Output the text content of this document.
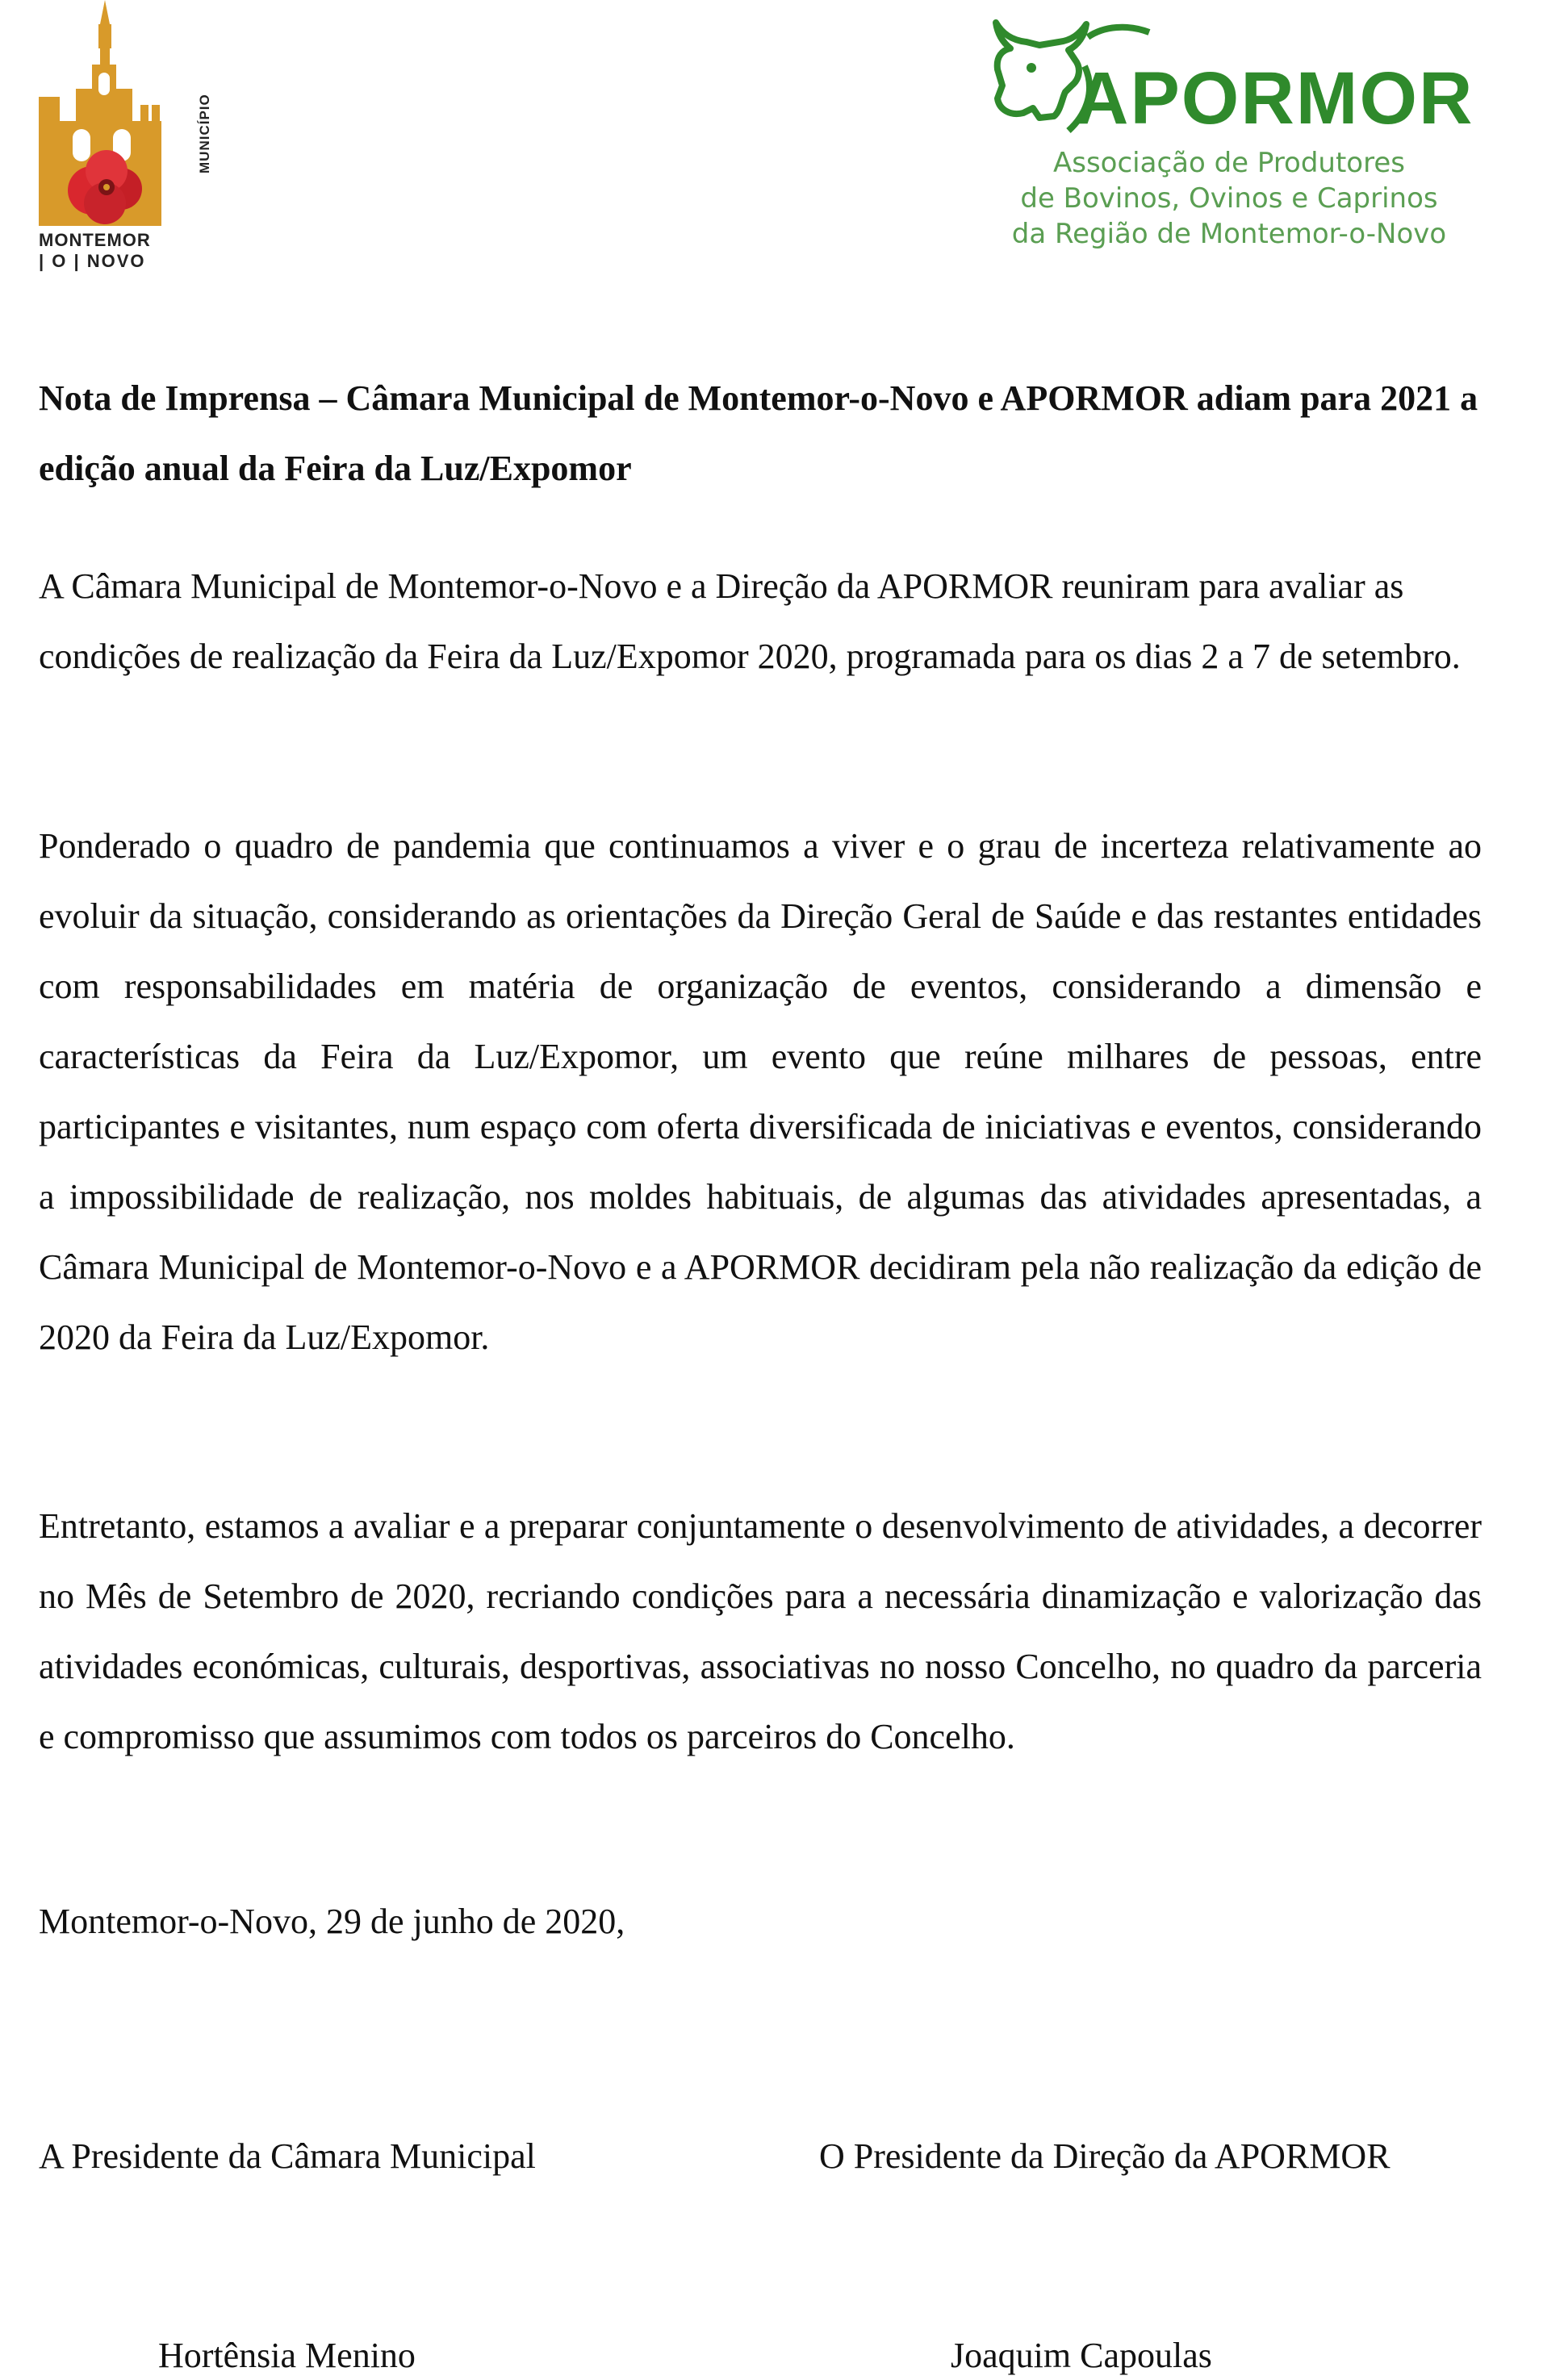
MONTEMOR
| O | NOVO
MUNICÍPIO	APORMOR
Associação de Produtores
de Bovinos, Ovinos e Caprinos
da Região de Montemor-o-Novo
Nota de Imprensa – Câmara Municipal de Montemor-o-Novo e APORMOR adiam para 2021 a edição anual da Feira da Luz/Expomor
A Câmara Municipal de Montemor-o-Novo e a Direção da APORMOR reuniram para avaliar as condições de realização da Feira da Luz/Expomor 2020, programada para os dias 2 a 7 de setembro.
Ponderado o quadro de pandemia que continuamos a viver e o grau de incerteza relativamente ao evoluir da situação, considerando as orientações da Direção Geral de Saúde e das restantes entidades com responsabilidades em matéria de organização de eventos, considerando a dimensão e características da Feira da Luz/Expomor, um evento que reúne milhares de pessoas, entre participantes e visitantes, num espaço com oferta diversificada de iniciativas e eventos, considerando a impossibilidade de realização, nos moldes habituais, de algumas das atividades apresentadas, a Câmara Municipal de Montemor-o-Novo e a APORMOR decidiram pela não realização da edição de 2020 da Feira da Luz/Expomor.
Entretanto, estamos a avaliar e a preparar conjuntamente o desenvolvimento de atividades, a decorrer no Mês de Setembro de 2020, recriando condições para a necessária dinamização e valorização das atividades económicas, culturais, desportivas, associativas no nosso Concelho, no quadro da parceria e compromisso que assumimos com todos os parceiros do Concelho.
Montemor-o-Novo, 29 de junho de 2020,
A Presidente da Câmara Municipal	O Presidente da Direção da APORMOR
Hortênsia Menino	Joaquim Capoulas
